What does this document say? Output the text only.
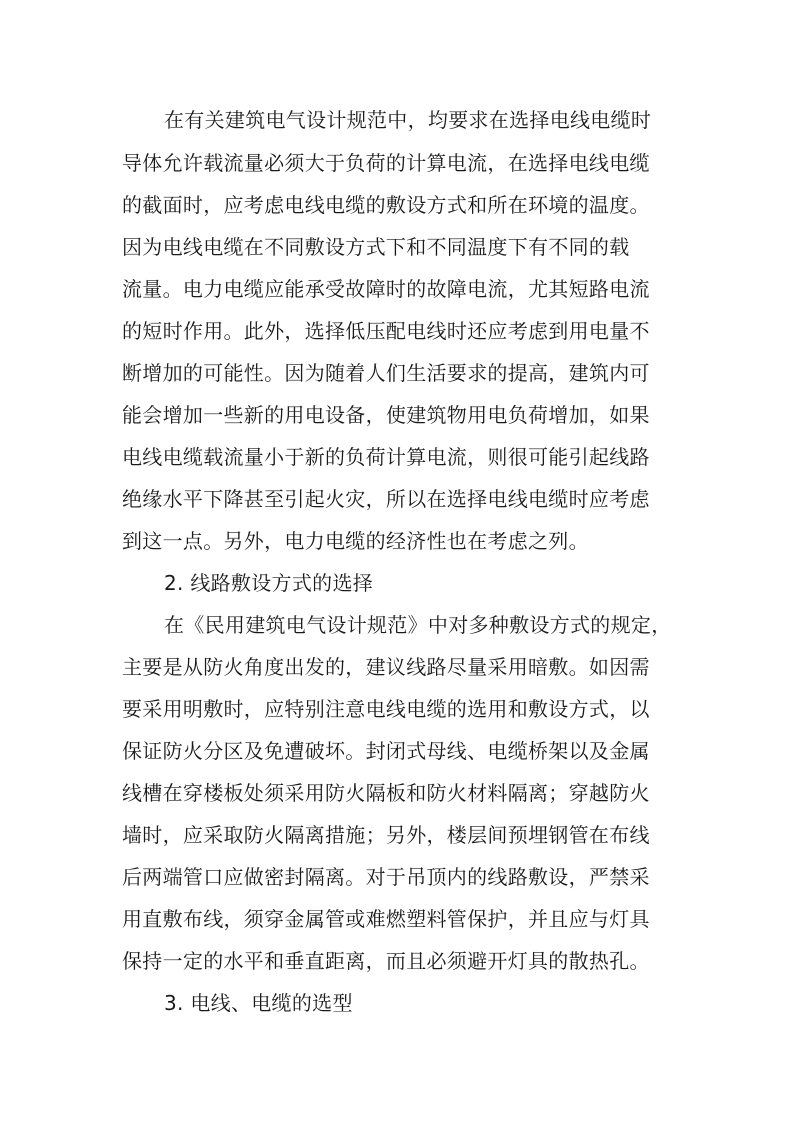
在有关建筑电气设计规范中，均要求在选择电线电缆时
导体允许载流量必须大于负荷的计算电流，在选择电线电缆
的截面时，应考虑电线电缆的敷设方式和所在环境的温度。
因为电线电缆在不同敷设方式下和不同温度下有不同的载
流量。电力电缆应能承受故障时的故障电流，尤其短路电流
的短时作用。此外，选择低压配电线时还应考虑到用电量不
断增加的可能性。因为随着人们生活要求的提高，建筑内可
能会增加一些新的用电设备，使建筑物用电负荷增加，如果
电线电缆载流量小于新的负荷计算电流，则很可能引起线路
绝缘水平下降甚至引起火灾，所以在选择电线电缆时应考虑
到这一点。另外，电力电缆的经济性也在考虑之列。
2. 线路敷设方式的选择
在《民用建筑电气设计规范》中对多种敷设方式的规定，
主要是从防火角度出发的，建议线路尽量采用暗敷。如因需
要采用明敷时，应特别注意电线电缆的选用和敷设方式，以
保证防火分区及免遭破坏。封闭式母线、电缆桥架以及金属
线槽在穿楼板处须采用防火隔板和防火材料隔离；穿越防火
墙时，应采取防火隔离措施；另外，楼层间预埋钢管在布线
后两端管口应做密封隔离。对于吊顶内的线路敷设，严禁采
用直敷布线，须穿金属管或难燃塑料管保护，并且应与灯具
保持一定的水平和垂直距离，而且必须避开灯具的散热孔。
3. 电线、电缆的选型
